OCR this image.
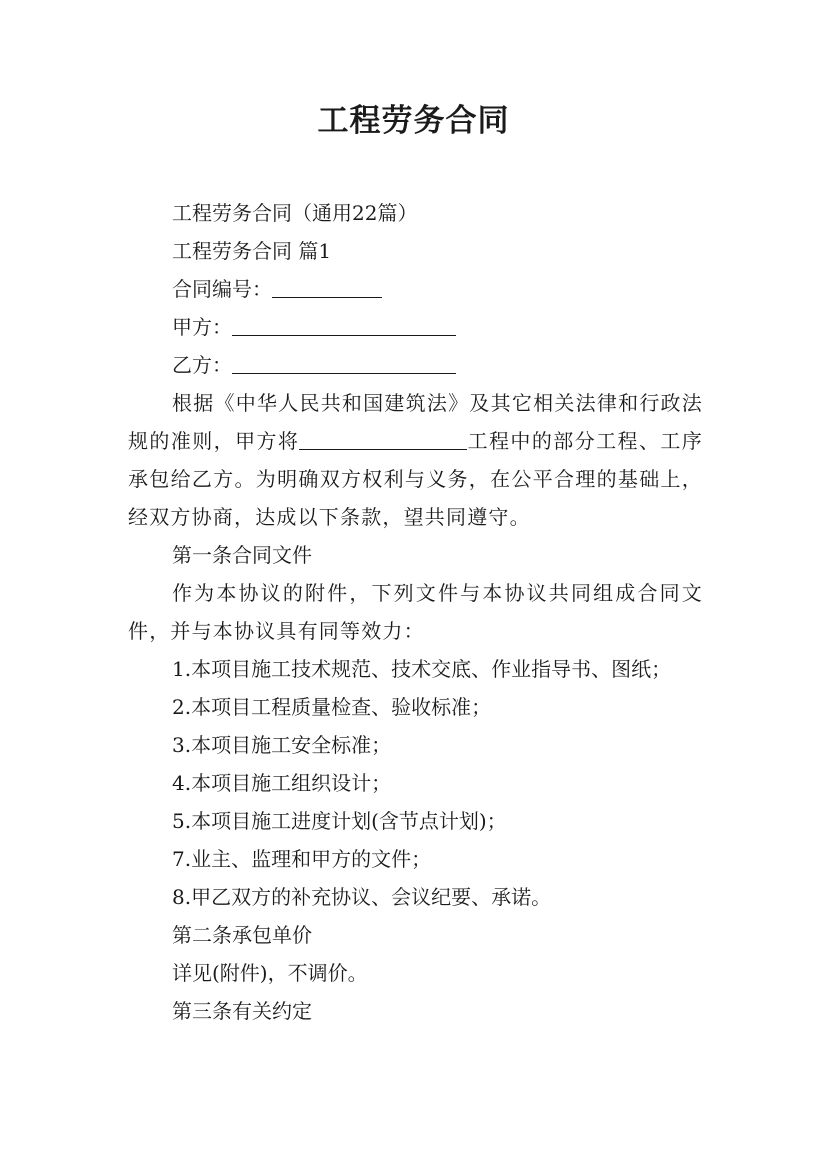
工程劳务合同

工程劳务合同（通用22篇）

工程劳务合同 篇1

合同编号：

甲方：

乙方：

根据《中华人民共和国建筑法》及其它相关法律和行政法规的准则，甲方将	工程中的部分工程、工序承包给乙方。为明确双方权利与义务，在公平合理的基础上，经双方协商，达成以下条款，望共同遵守。

第一条合同文件

作为本协议的附件，下列文件与本协议共同组成合同文件，并与本协议具有同等效力：

1.本项目施工技术规范、技术交底、作业指导书、图纸；

2.本项目工程质量检查、验收标准；

3.本项目施工安全标准；

4.本项目施工组织设计；

5.本项目施工进度计划(含节点计划)；

7.业主、监理和甲方的文件；

8.甲乙双方的补充协议、会议纪要、承诺。

第二条承包单价

详见(附件)，不调价。

第三条有关约定
